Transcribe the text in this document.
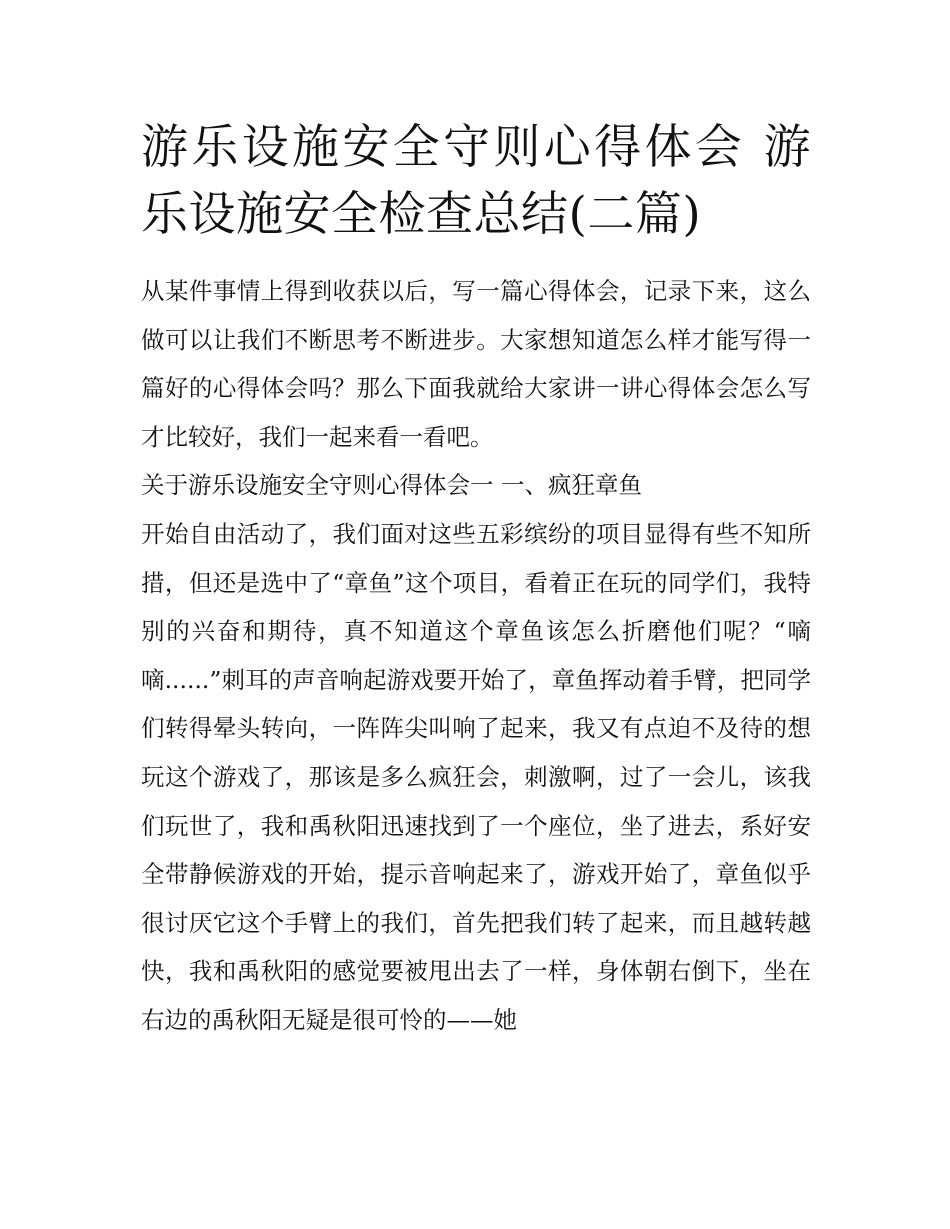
游乐设施安全守则心得体会 游乐设施安全检查总结(二篇)

从某件事情上得到收获以后，写一篇心得体会，记录下来，这么做可以让我们不断思考不断进步。大家想知道怎么样才能写得一篇好的心得体会吗？那么下面我就给大家讲一讲心得体会怎么写才比较好，我们一起来看一看吧。

关于游乐设施安全守则心得体会一 一、疯狂章鱼

开始自由活动了，我们面对这些五彩缤纷的项目显得有些不知所措，但还是选中了“章鱼”这个项目，看着正在玩的同学们，我特别的兴奋和期待，真不知道这个章鱼该怎么折磨他们呢？“嘀嘀......”刺耳的声音响起游戏要开始了，章鱼挥动着手臂，把同学们转得晕头转向，一阵阵尖叫响了起来，我又有点迫不及待的想玩这个游戏了，那该是多么疯狂会，刺激啊，过了一会儿，该我们玩世了，我和禹秋阳迅速找到了一个座位，坐了进去，系好安全带静候游戏的开始，提示音响起来了，游戏开始了，章鱼似乎很讨厌它这个手臂上的我们，首先把我们转了起来，而且越转越快，我和禹秋阳的感觉要被甩出去了一样，身体朝右倒下，坐在右边的禹秋阳无疑是很可怜的——她
